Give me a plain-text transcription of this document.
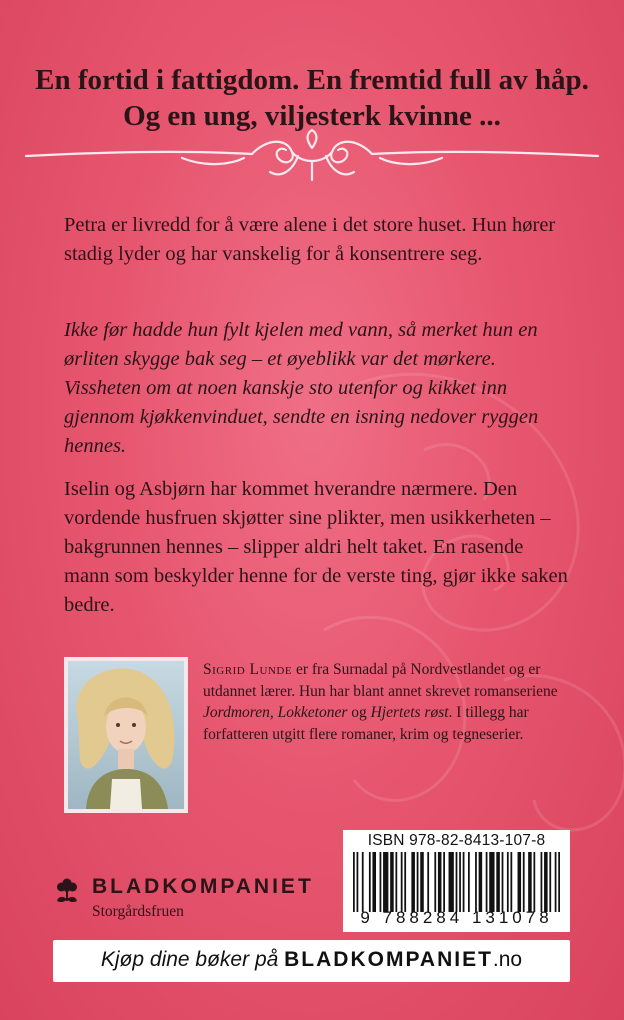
En fortid i fattigdom. En fremtid full av håp.
Og en ung, viljesterk kvinne ...
Petra er livredd for å være alene i det store huset. Hun hører stadig lyder og har vanskelig for å konsentrere seg.
Ikke før hadde hun fylt kjelen med vann, så merket hun en ørliten skygge bak seg – et øyeblikk var det mørkere. Vissheten om at noen kanskje sto utenfor og kikket inn gjennom kjøkkenvinduet, sendte en isning nedover ryggen hennes.
Iselin og Asbjørn har kommet hverandre nærmere. Den vordende husfruen skjøtter sine plikter, men usikkerheten – bakgrunnen hennes – slipper aldri helt taket. En rasende mann som beskylder henne for de verste ting, gjør ikke saken bedre.
Sigrid Lunde er fra Surnadal på Nordvestlandet og er utdannet lærer. Hun har blant annet skrevet romanseriene Jordmoren, Lokketoner og Hjertets røst. I tillegg har forfatteren utgitt flere romaner, krim og tegneserier.
BLADKOMPANIET
Storgårdsfruen
ISBN 978-82-8413-107-8
9 788284 131078
Kjøp dine bøker på BLADKOMPANIET.no
